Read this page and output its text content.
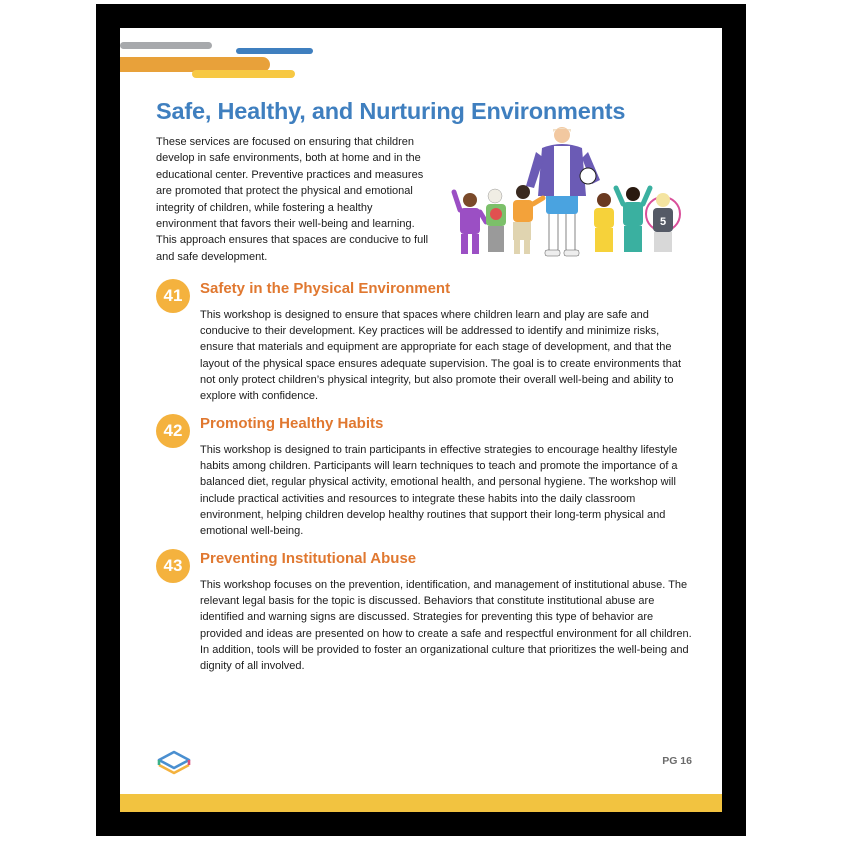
Safe, Healthy, and Nurturing Environments

These services are focused on ensuring that children develop in safe environments, both at home and in the educational center. Preventive practices and measures are promoted that protect the physical and emotional integrity of children, while fostering a healthy environment that favors their well-being and learning. This approach ensures that spaces are conducive to full and safe development.

5
41	Safety in the Physical Environment

This workshop is designed to ensure that spaces where children learn and play are safe and conducive to their development. Key practices will be addressed to identify and minimize risks, ensure that materials and equipment are appropriate for each stage of development, and that the layout of the physical space ensures adequate supervision. The goal is to create environments that not only protect children’s physical integrity, but also promote their overall well-being and ability to explore with confidence.

42	Promoting Healthy Habits

This workshop is designed to train participants in effective strategies to encourage healthy lifestyle habits among children. Participants will learn techniques to teach and promote the importance of a balanced diet, regular physical activity, emotional health, and personal hygiene. The workshop will include practical activities and resources to integrate these habits into the daily classroom environment, helping children develop healthy routines that support their long-term physical and emotional well-being.

43	Preventing Institutional Abuse

This workshop focuses on the prevention, identification, and management of institutional abuse. The relevant legal basis for the topic is discussed. Behaviors that constitute institutional abuse are identified and warning signs are discussed. Strategies for preventing this type of behavior are provided and ideas are presented on how to create a safe and respectful environment for all children. In addition, tools will be provided to foster an organizational culture that prioritizes the well-being and dignity of all involved.

PG 16
